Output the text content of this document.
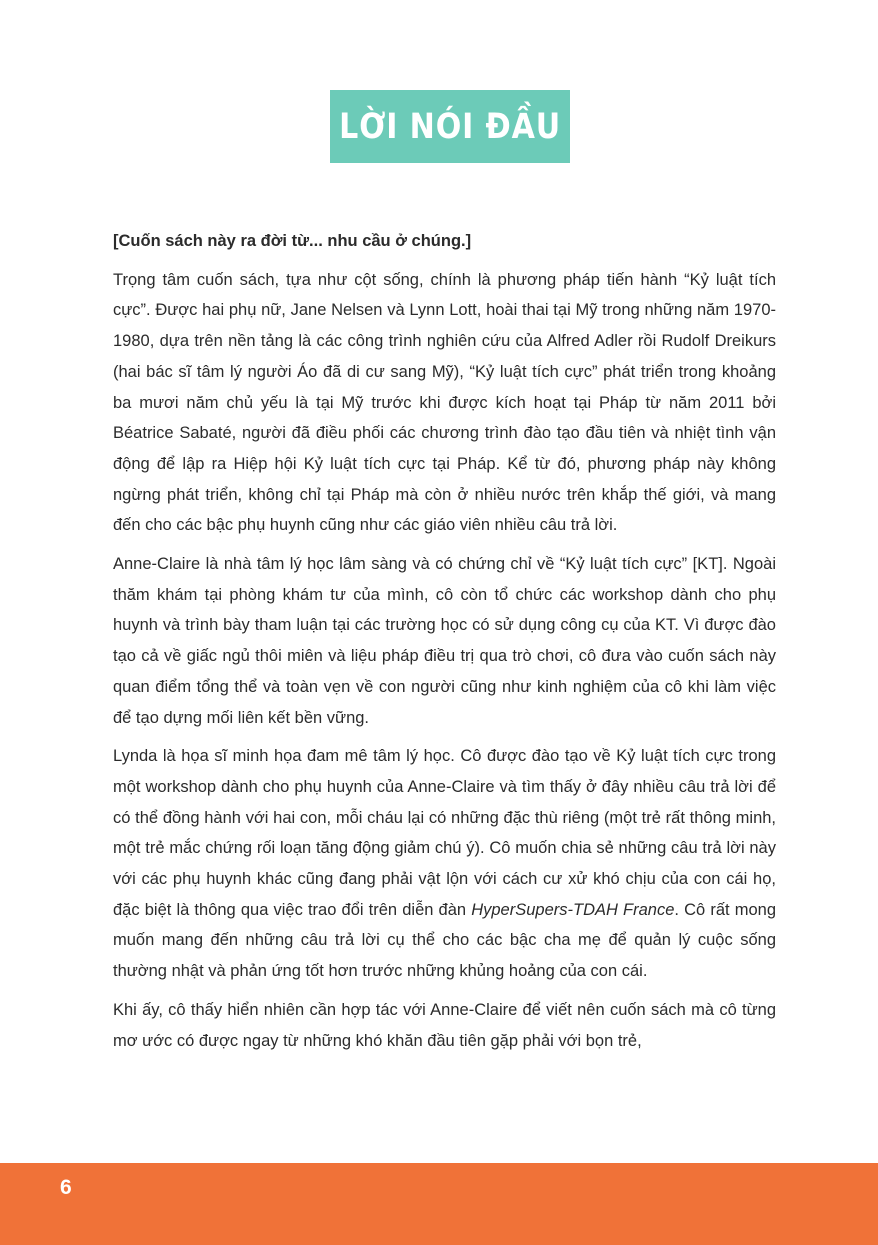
LỜI NÓI ĐẦU

[Cuốn sách này ra đời từ... nhu cầu ở chúng.]

Trọng tâm cuốn sách, tựa như cột sống, chính là phương pháp tiến hành “Kỷ luật tích cực”. Được hai phụ nữ, Jane Nelsen và Lynn Lott, hoài thai tại Mỹ trong những năm 1970-1980, dựa trên nền tảng là các công trình nghiên cứu của Alfred Adler rồi Rudolf Dreikurs (hai bác sĩ tâm lý người Áo đã di cư sang Mỹ), “Kỷ luật tích cực” phát triển trong khoảng ba mươi năm chủ yếu là tại Mỹ trước khi được kích hoạt tại Pháp từ năm 2011 bởi Béatrice Sabaté, người đã điều phối các chương trình đào tạo đầu tiên và nhiệt tình vận động để lập ra Hiệp hội Kỷ luật tích cực tại Pháp. Kể từ đó, phương pháp này không ngừng phát triển, không chỉ tại Pháp mà còn ở nhiều nước trên khắp thế giới, và mang đến cho các bậc phụ huynh cũng như các giáo viên nhiều câu trả lời.

Anne-Claire là nhà tâm lý học lâm sàng và có chứng chỉ về “Kỷ luật tích cực” [KT]. Ngoài thăm khám tại phòng khám tư của mình, cô còn tổ chức các workshop dành cho phụ huynh và trình bày tham luận tại các trường học có sử dụng công cụ của KT. Vì được đào tạo cả về giấc ngủ thôi miên và liệu pháp điều trị qua trò chơi, cô đưa vào cuốn sách này quan điểm tổng thể và toàn vẹn về con người cũng như kinh nghiệm của cô khi làm việc để tạo dựng mối liên kết bền vững.

Lynda là họa sĩ minh họa đam mê tâm lý học. Cô được đào tạo về Kỷ luật tích cực trong một workshop dành cho phụ huynh của Anne-Claire và tìm thấy ở đây nhiều câu trả lời để có thể đồng hành với hai con, mỗi cháu lại có những đặc thù riêng (một trẻ rất thông minh, một trẻ mắc chứng rối loạn tăng động giảm chú ý). Cô muốn chia sẻ những câu trả lời này với các phụ huynh khác cũng đang phải vật lộn với cách cư xử khó chịu của con cái họ, đặc biệt là thông qua việc trao đổi trên diễn đàn HyperSupers-TDAH France. Cô rất mong muốn mang đến những câu trả lời cụ thể cho các bậc cha mẹ để quản lý cuộc sống thường nhật và phản ứng tốt hơn trước những khủng hoảng của con cái.

Khi ấy, cô thấy hiển nhiên cần hợp tác với Anne-Claire để viết nên cuốn sách mà cô từng mơ ước có được ngay từ những khó khăn đầu tiên gặp phải với bọn trẻ,

6
